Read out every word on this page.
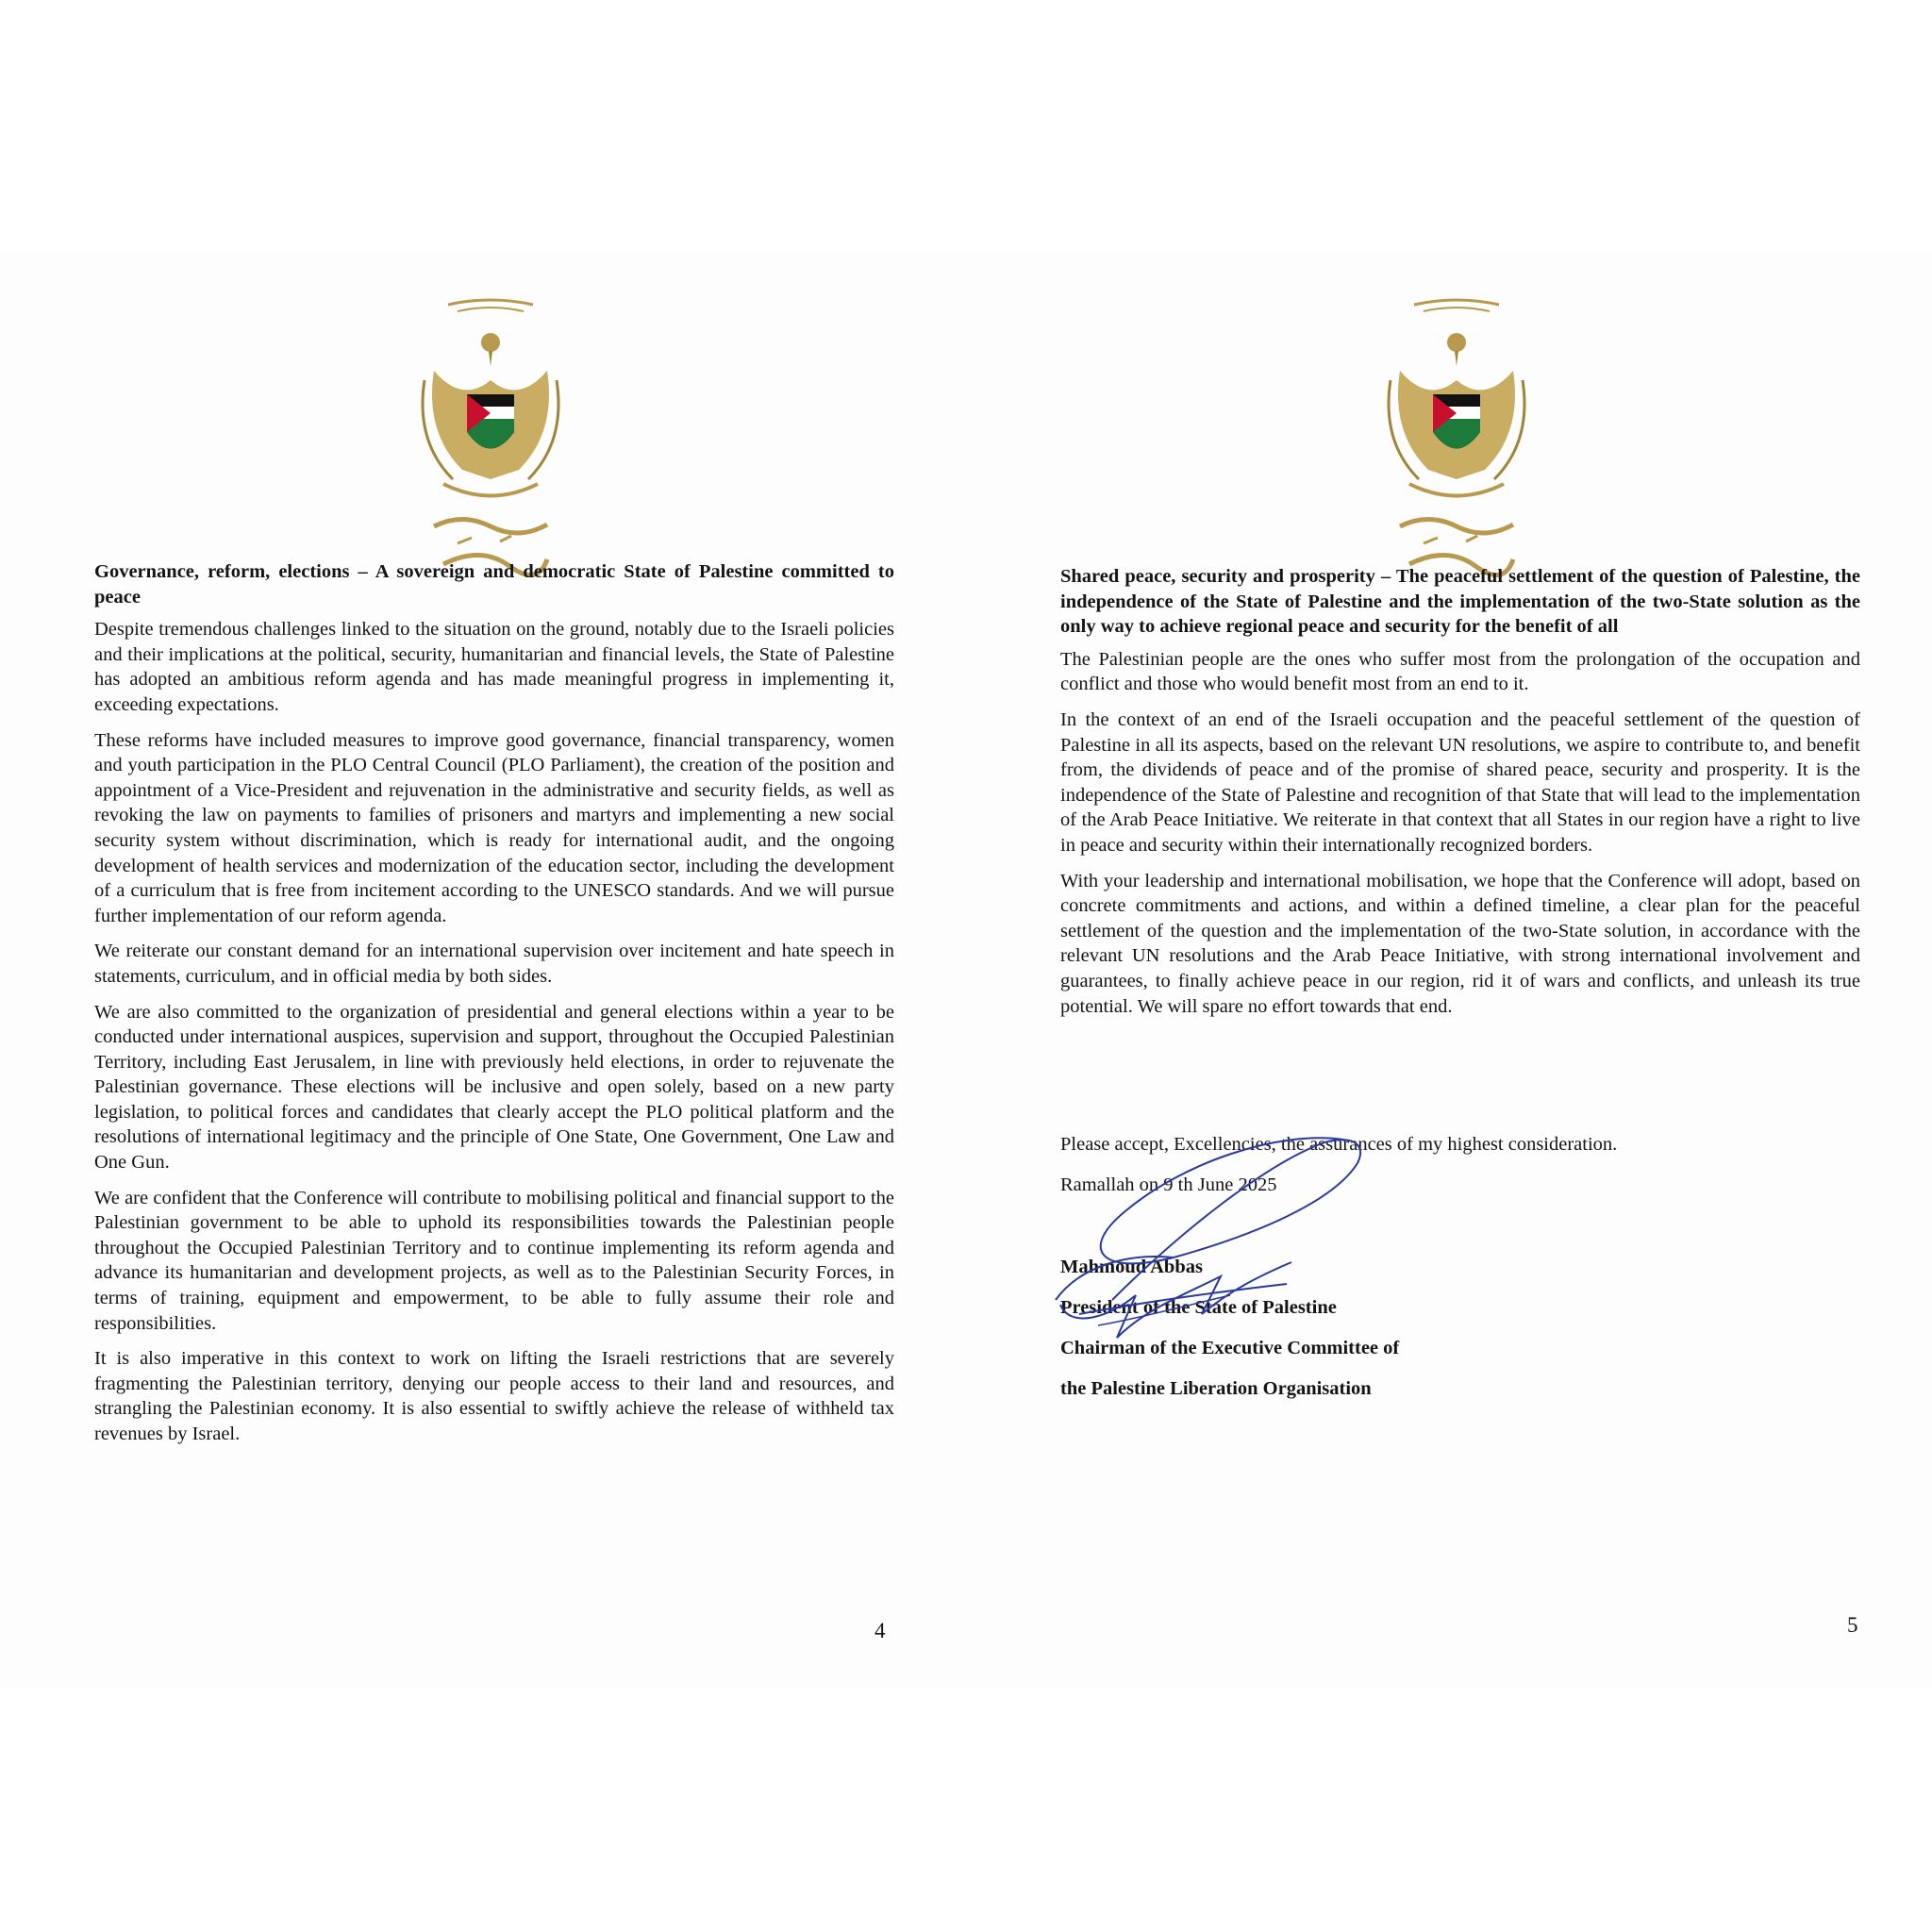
Governance, reform, elections – A sovereign and democratic State of Palestine committed to peace

Despite tremendous challenges linked to the situation on the ground, notably due to the Israeli policies and their implications at the political, security, humanitarian and financial levels, the State of Palestine has adopted an ambitious reform agenda and has made meaningful progress in implementing it, exceeding expectations.

These reforms have included measures to improve good governance, financial transparency, women and youth participation in the PLO Central Council (PLO Parliament), the creation of the position and appointment of a Vice-President and rejuvenation in the administrative and security fields, as well as revoking the law on payments to families of prisoners and martyrs and implementing a new social security system without discrimination, which is ready for international audit, and the ongoing development of health services and modernization of the education sector, including the development of a curriculum that is free from incitement according to the UNESCO standards. And we will pursue further implementation of our reform agenda.

We reiterate our constant demand for an international supervision over incitement and hate speech in statements, curriculum, and in official media by both sides.

We are also committed to the organization of presidential and general elections within a year to be conducted under international auspices, supervision and support, throughout the Occupied Palestinian Territory, including East Jerusalem, in line with previously held elections, in order to rejuvenate the Palestinian governance. These elections will be inclusive and open solely, based on a new party legislation, to political forces and candidates that clearly accept the PLO political platform and the resolutions of international legitimacy and the principle of One State, One Government, One Law and One Gun.

We are confident that the Conference will contribute to mobilising political and financial support to the Palestinian government to be able to uphold its responsibilities towards the Palestinian people throughout the Occupied Palestinian Territory and to continue implementing its reform agenda and advance its humanitarian and development projects, as well as to the Palestinian Security Forces, in terms of training, equipment and empowerment, to be able to fully assume their role and responsibilities.

It is also imperative in this context to work on lifting the Israeli restrictions that are severely fragmenting the Palestinian territory, denying our people access to their land and resources, and strangling the Palestinian economy. It is also essential to swiftly achieve the release of withheld tax revenues by Israel.

4

Shared peace, security and prosperity – The peaceful settlement of the question of Palestine, the independence of the State of Palestine and the implementation of the two-State solution as the only way to achieve regional peace and security for the benefit of all

The Palestinian people are the ones who suffer most from the prolongation of the occupation and conflict and those who would benefit most from an end to it.

In the context of an end of the Israeli occupation and the peaceful settlement of the question of Palestine in all its aspects, based on the relevant UN resolutions, we aspire to contribute to, and benefit from, the dividends of peace and of the promise of shared peace, security and prosperity. It is the independence of the State of Palestine and recognition of that State that will lead to the implementation of the Arab Peace Initiative. We reiterate in that context that all States in our region have a right to live in peace and security within their internationally recognized borders.

With your leadership and international mobilisation, we hope that the Conference will adopt, based on concrete commitments and actions, and within a defined timeline, a clear plan for the peaceful settlement of the question and the implementation of the two-State solution, in accordance with the relevant UN resolutions and the Arab Peace Initiative, with strong international involvement and guarantees, to finally achieve peace in our region, rid it of wars and conflicts, and unleash its true potential. We will spare no effort towards that end.

Please accept, Excellencies, the assurances of my highest consideration.

Ramallah on 9 th June 2025

Mahmoud Abbas
President of the State of Palestine
Chairman of the Executive Committee of
the Palestine Liberation Organisation
5
